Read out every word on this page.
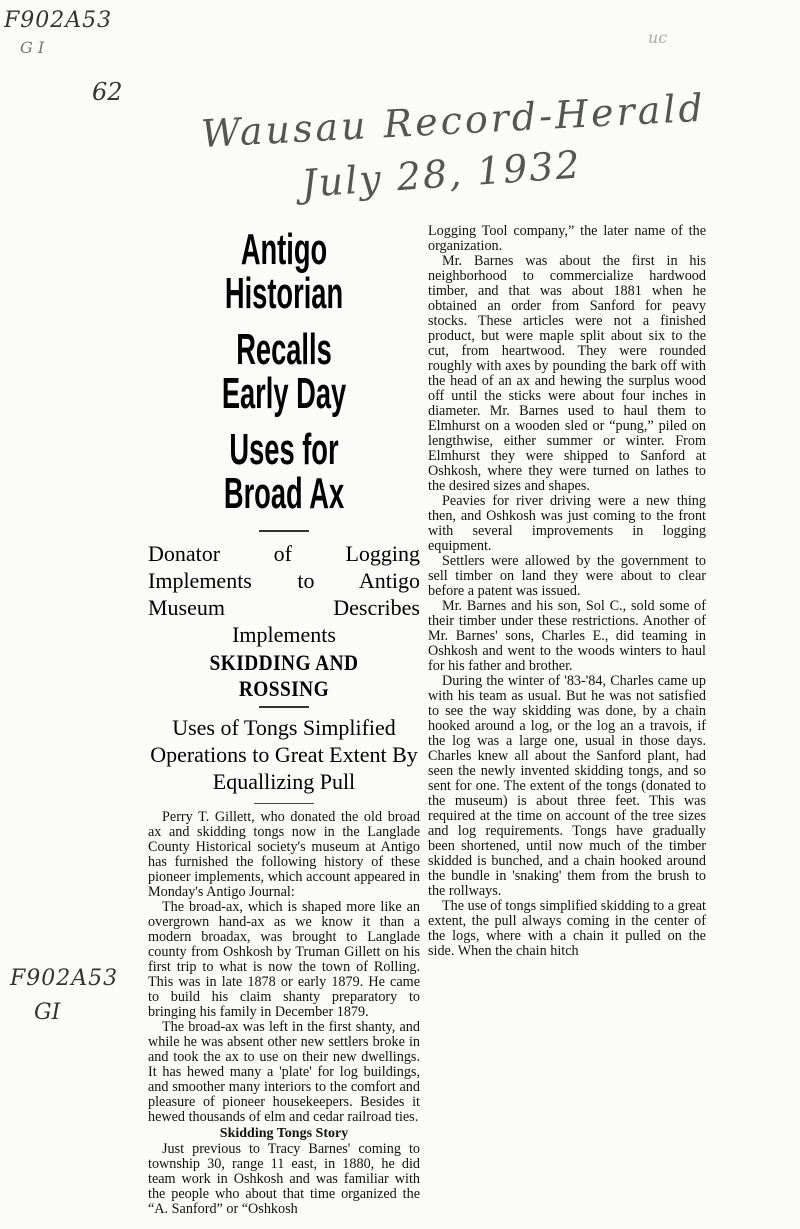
F902A53
G I
62
uc
Wausau Record-Herald
July 28, 1932
F902A53
GI
Antigo Historian
Recalls Early Day
Uses for Broad Ax

Donator of Logging Implements to Antigo Museum Describes Implements

SKIDDING AND ROSSING

Uses of Tongs Simplified Operations to Great Extent By Equallizing Pull

Perry T. Gillett, who donated the old broad ax and skidding tongs now in the Langlade County Historical society's museum at Antigo has furnished the following history of these pioneer implements, which account appeared in Monday's Antigo Journal:

The broad-ax, which is shaped more like an overgrown hand-ax as we know it than a modern broadax, was brought to Langlade county from Oshkosh by Truman Gillett on his first trip to what is now the town of Rolling. This was in late 1878 or early 1879. He came to build his claim shanty preparatory to bringing his family in December 1879.

The broad-ax was left in the first shanty, and while he was absent other new settlers broke in and took the ax to use on their new dwellings. It has hewed many a 'plate' for log buildings, and smoother many interiors to the comfort and pleasure of pioneer housekeepers. Besides it hewed thousands of elm and cedar railroad ties.

Skidding Tongs Story

Just previous to Tracy Barnes' coming to township 30, range 11 east, in 1880, he did team work in Oshkosh and was familiar with the people who about that time organized the “A. Sanford” or “Oshkosh

Logging Tool company,” the later name of the organization.

Mr. Barnes was about the first in his neighborhood to commercialize hardwood timber, and that was about 1881 when he obtained an order from Sanford for peavy stocks. These articles were not a finished product, but were maple split about six to the cut, from heartwood. They were rounded roughly with axes by pounding the bark off with the head of an ax and hewing the surplus wood off until the sticks were about four inches in diameter. Mr. Barnes used to haul them to Elmhurst on a wooden sled or “pung,” piled on lengthwise, either summer or winter. From Elmhurst they were shipped to Sanford at Oshkosh, where they were turned on lathes to the desired sizes and shapes.

Peavies for river driving were a new thing then, and Oshkosh was just coming to the front with several improvements in logging equipment.

Settlers were allowed by the government to sell timber on land they were about to clear before a patent was issued.

Mr. Barnes and his son, Sol C., sold some of their timber under these restrictions. Another of Mr. Barnes' sons, Charles E., did teaming in Oshkosh and went to the woods winters to haul for his father and brother.

During the winter of '83-'84, Charles came up with his team as usual. But he was not satisfied to see the way skidding was done, by a chain hooked around a log, or the log an a travois, if the log was a large one, usual in those days. Charles knew all about the Sanford plant, had seen the newly invented skidding tongs, and so sent for one. The extent of the tongs (donated to the museum) is about three feet. This was required at the time on account of the tree sizes and log requirements. Tongs have gradually been shortened, until now much of the timber skidded is bunched, and a chain hooked around the bundle in 'snaking' them from the brush to the rollways.

The use of tongs simplified skidding to a great extent, the pull always coming in the center of the logs, where with a chain it pulled on the side. When the chain hitch
